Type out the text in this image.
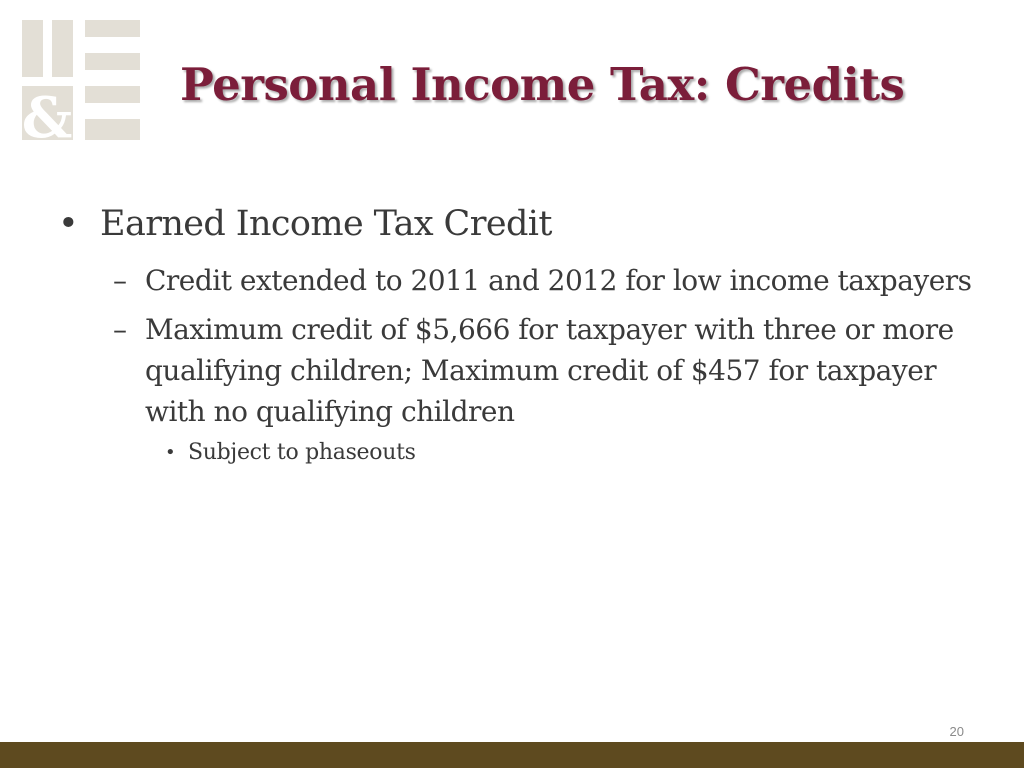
&
Personal Income Tax: Credits
• Earned Income Tax Credit
– Credit extended to 2011 and 2012 for low income taxpayers
– Maximum credit of $5,666 for taxpayer with three or more qualifying children; Maximum credit of $457 for taxpayer with no qualifying children
• Subject to phaseouts
20
